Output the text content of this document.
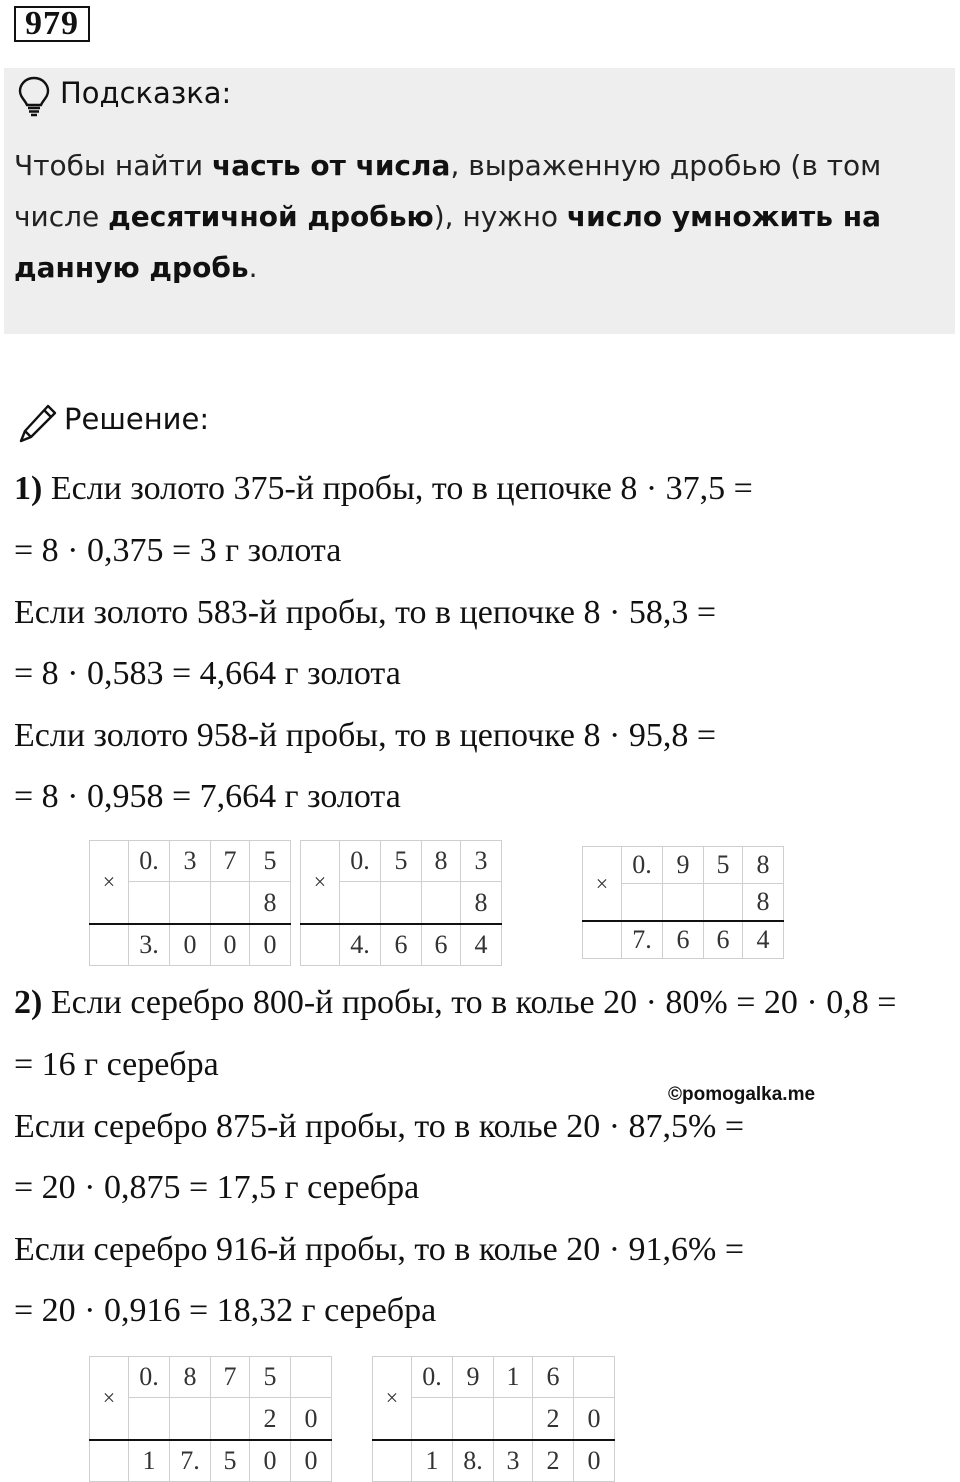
979
Подсказка:
Чтобы найти часть от числа, выраженную дробью (в том числе десятичной дробью), нужно число умножить на данную дробь.
Решение:
1) Если золото 375-й пробы, то в цепочке 8 · 37,5 =
= 8 · 0,375 = 3 г золота
Если золото 583-й пробы, то в цепочке 8 · 58,3 =
= 8 · 0,583 = 4,664 г золота
Если золото 958-й пробы, то в цепочке 8 · 95,8 =
= 8 · 0,958 = 7,664 г золота
×	0.	3	7	5
				8
	3.	0	0	0
×	0.	5	8	3
				8
	4.	6	6	4
×	0.	9	5	8
				8
	7.	6	6	4
2) Если серебро 800-й пробы, то в колье 20 · 80% = 20 · 0,8 =
= 16 г серебра
©pomogalka.me
Если серебро 875-й пробы, то в колье 20 · 87,5% =
= 20 · 0,875 = 17,5 г серебра
Если серебро 916-й пробы, то в колье 20 · 91,6% =
= 20 · 0,916 = 18,32 г серебра
×	0.	8	7	5	
				2	0
	1	7.	5	0	0
×	0.	9	1	6	
				2	0
	1	8.	3	2	0
